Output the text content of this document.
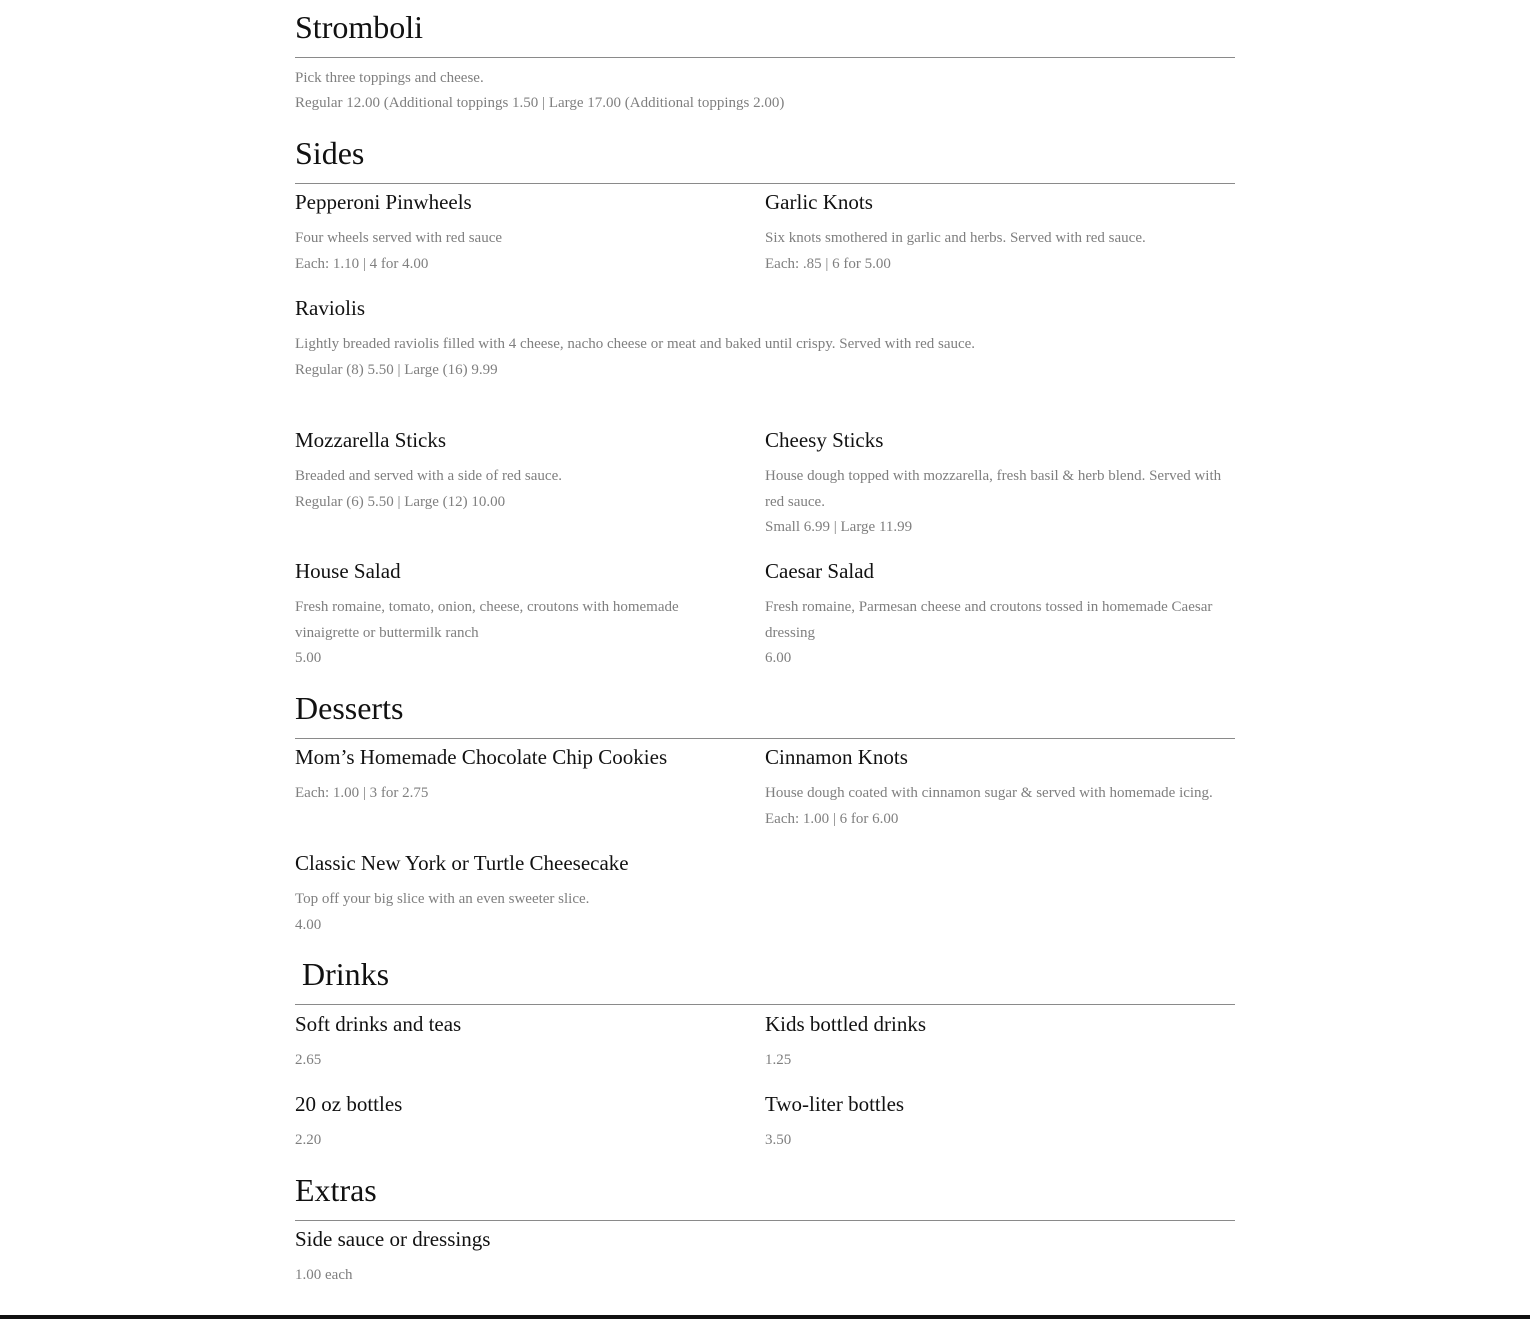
Stromboli

Pick three toppings and cheese.

Regular 12.00 (Additional toppings 1.50 | Large 17.00 (Additional toppings 2.00)

Sides
Pepperoni Pinwheels

Four wheels served with red sauce

Each: 1.10 | 4 for 4.00

Garlic Knots

Six knots smothered in garlic and herbs. Served with red sauce.

Each: .85 | 6 for 5.00

Raviolis

Lightly breaded raviolis filled with 4 cheese, nacho cheese or meat and baked until crispy. Served with red sauce.

Regular (8) 5.50 | Large (16) 9.99

Mozzarella Sticks

Breaded and served with a side of red sauce.

Regular (6) 5.50 | Large (12) 10.00

Cheesy Sticks

House dough topped with mozzarella, fresh basil & herb blend. Served with red sauce.

Small 6.99 | Large 11.99

House Salad

Fresh romaine, tomato, onion, cheese, croutons with homemade vinaigrette or buttermilk ranch

5.00

Caesar Salad

Fresh romaine, Parmesan cheese and croutons tossed in homemade Caesar dressing

6.00

Desserts
Mom’s Homemade Chocolate Chip Cookies

Each: 1.00 | 3 for 2.75

Cinnamon Knots

House dough coated with cinnamon sugar & served with homemade icing.

Each: 1.00 | 6 for 6.00

Classic New York or Turtle Cheesecake

Top off your big slice with an even sweeter slice.

4.00

Drinks
Soft drinks and teas

2.65

Kids bottled drinks

1.25

20 oz bottles

2.20

Two-liter bottles

3.50

Extras
Side sauce or dressings

1.00 each
